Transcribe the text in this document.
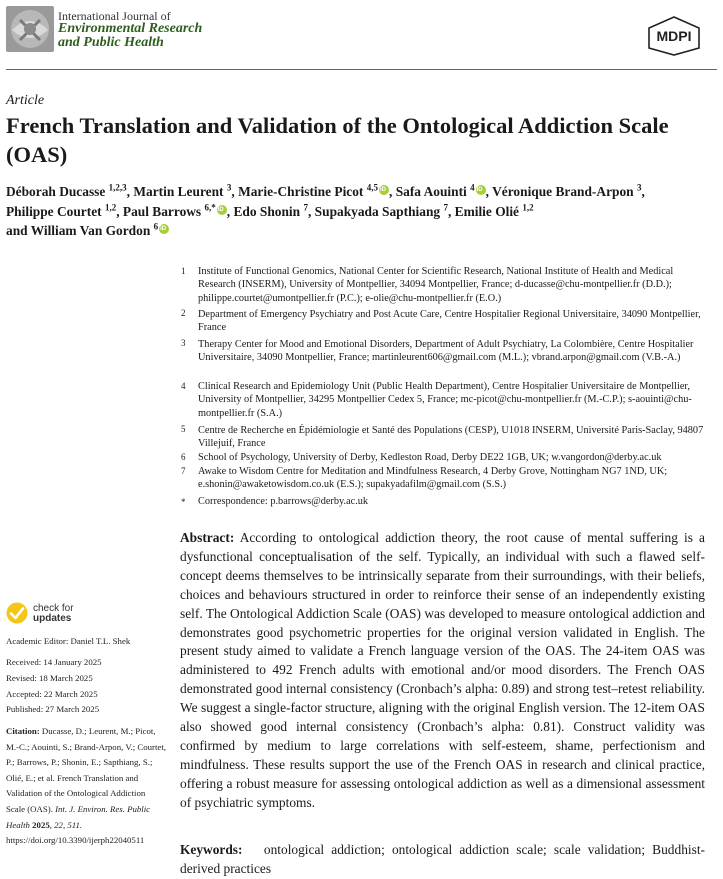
International Journal of
Environmental Research
and Public Health	MDPI
Article
French Translation and Validation of the Ontological Addiction Scale (OAS)
Déborah Ducasse $^{1,2,3}$, Martin Leurent $^3$, Marie-Christine Picot $^{4,5}$ iD , Safa Aouinti $^4$ iD , Véronique Brand-Arpon $^3$,
Philippe Courtet $^{1,2}$, Paul Barrows $^{6,*}$ iD , Edo Shonin $^7$, Supakyada Sapthiang $^7$, Emilie Olié $^{1,2}$
and William Van Gordon $^6$iD
1 Institute of Functional Genomics, National Center for Scientific Research, National Institute of Health and Medical Research (INSERM), University of Montpellier, 34094 Montpellier, France; d-ducasse@chu-montpellier.fr (D.D.); philippe.courtet@umontpellier.fr (P.C.); e-olie@chu-montpellier.fr (E.O.)
2 Department of Emergency Psychiatry and Post Acute Care, Centre Hospitalier Regional Universitaire, 34090 Montpellier, France
3 Therapy Center for Mood and Emotional Disorders, Department of Adult Psychiatry, La Colombière, Centre Hospitalier Universitaire, 34090 Montpellier, France; martinleurent606@gmail.com (M.L.); vbrand.arpon@gmail.com (V.B.-A.)
4 Clinical Research and Epidemiology Unit (Public Health Department), Centre Hospitalier Universitaire de Montpellier, University of Montpellier, 34295 Montpellier Cedex 5, France; mc-picot@chu-montpellier.fr (M.-C.P.); s-aouinti@chu-montpellier.fr (S.A.)
5 Centre de Recherche en Épidémiologie et Santé des Populations (CESP), U1018 INSERM, Université Paris-Saclay, 94807 Villejuif, France
6 School of Psychology, University of Derby, Kedleston Road, Derby DE22 1GB, UK; w.vangordon@derby.ac.uk
7 Awake to Wisdom Centre for Meditation and Mindfulness Research, 4 Derby Grove, Nottingham NG7 1ND, UK; e.shonin@awaketowisdom.co.uk (E.S.); supakyadafilm@gmail.com (S.S.)
* Correspondence: p.barrows@derby.ac.uk
Abstract: According to ontological addiction theory, the root cause of mental suffering is a dysfunctional conceptualisation of the self. Typically, an individual with such a flawed self-concept deems themselves to be intrinsically separate from their surroundings, with their beliefs, choices and behaviours structured in order to reinforce their sense of an independently existing self. The Ontological Addiction Scale (OAS) was developed to measure ontological addiction and demonstrates good psychometric properties for the original version validated in English. The present study aimed to validate a French language version of the OAS. The 24-item OAS was administered to 492 French adults with emotional and/or mood disorders. The French OAS demonstrated good internal consistency (Cronbach’s alpha: 0.89) and strong test–retest reliability. We suggest a single-factor structure, aligning with the original English version. The 12-item OAS also showed good internal consistency (Cronbach’s alpha: 0.81). Construct validity was confirmed by medium to large correlations with self-esteem, shame, perfectionism and mindfulness. These results support the use of the French OAS in research and clinical practice, offering a robust measure for assessing ontological addiction as well as a dimensional assessment of psychiatric symptoms.
Keywords: ontological addiction; ontological addiction scale; scale validation; Buddhist-derived practices
check for
updates
Academic Editor: Daniel T.L. Shek
Received: 14 January 2025
Revised: 18 March 2025
Accepted: 22 March 2025
Published: 27 March 2025
Citation: Ducasse, D.; Leurent, M.; Picot, M.-C.; Aouinti, S.; Brand-Arpon, V.; Courtet, P.; Barrows, P.; Shonin, E.; Sapthiang, S.; Olié, E.; et al. French Translation and Validation of the Ontological Addiction Scale (OAS). Int. J. Environ. Res. Public Health 2025, 22, 511. https://doi.org/10.3390/ijerph22040511
